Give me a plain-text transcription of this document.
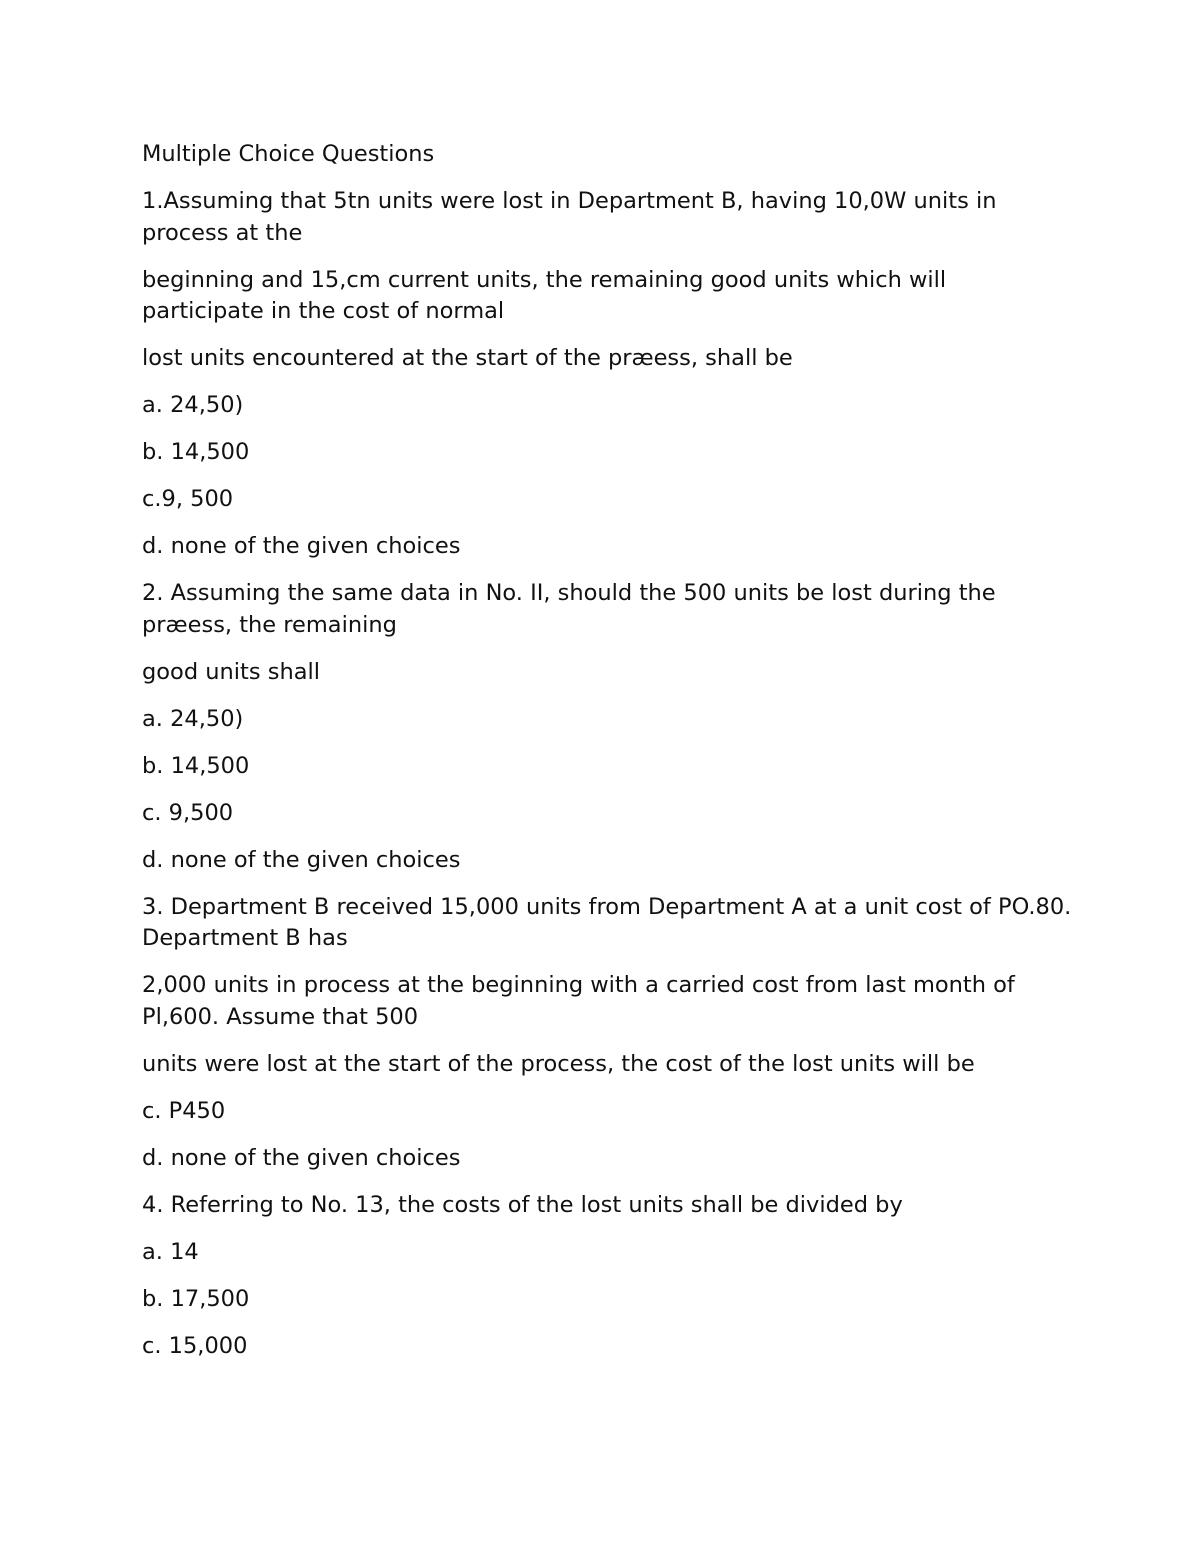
Multiple Choice Questions

1.Assuming that 5tn units were lost in Department B, having 10,0W units in process at the

beginning and 15,cm current units, the remaining good units which will participate in the cost of normal

lost units encountered at the start of the præess, shall be

a. 24,50)

b. 14,500

c.9, 500

d. none of the given choices

2. Assuming the same data in No. II, should the 500 units be lost during the præess, the remaining

good units shall

a. 24,50)

b. 14,500

c. 9,500

d. none of the given choices

3. Department B received 15,000 units from Department A at a unit cost of PO.80. Department B has

2,000 units in process at the beginning with a carried cost from last month of Pl,600. Assume that 500

units were lost at the start of the process, the cost of the lost units will be

c. P450

d. none of the given choices

4. Referring to No. 13, the costs of the lost units shall be divided by

a. 14

b. 17,500

c. 15,000
